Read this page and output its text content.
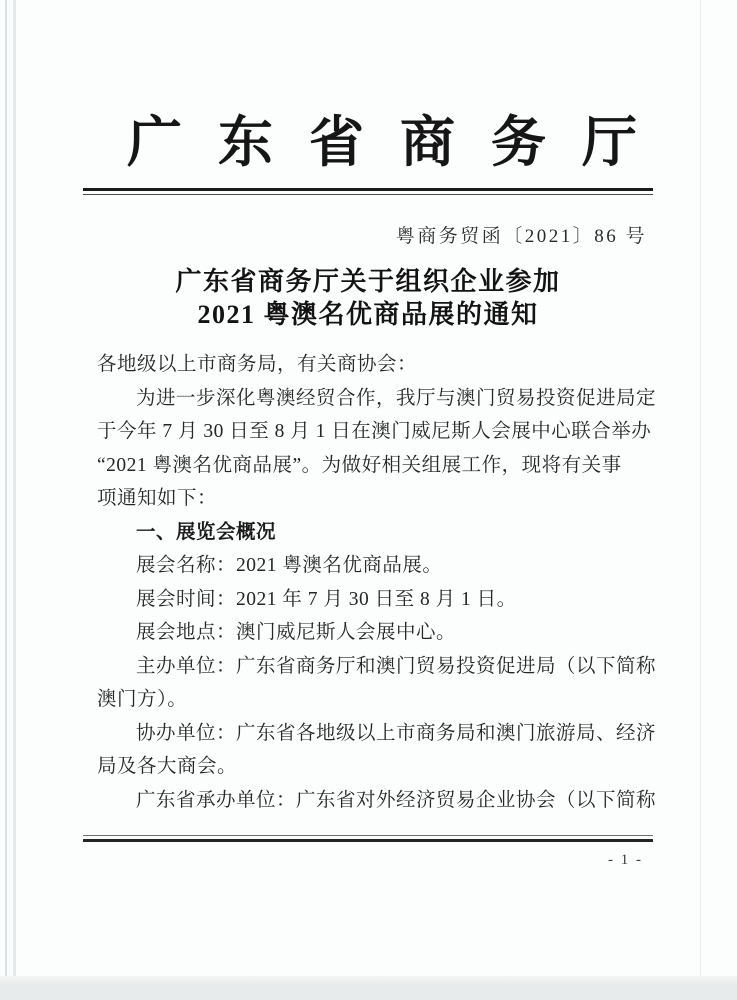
广东省商务厅
粤商务贸函〔2021〕86 号
广东省商务厅关于组织企业参加
2021 粤澳名优商品展的通知
各地级以上市商务局，有关商协会：
为进一步深化粤澳经贸合作，我厅与澳门贸易投资促进局定
于今年 7 月 30 日至 8 月 1 日在澳门威尼斯人会展中心联合举办
“2021 粤澳名优商品展”。为做好相关组展工作，现将有关事
项通知如下：
一、展览会概况
展会名称：2021 粤澳名优商品展。
展会时间：2021 年 7 月 30 日至 8 月 1 日。
展会地点：澳门威尼斯人会展中心。
主办单位：广东省商务厅和澳门贸易投资促进局（以下简称
澳门方）。
协办单位：广东省各地级以上市商务局和澳门旅游局、经济
局及各大商会。
广东省承办单位：广东省对外经济贸易企业协会（以下简称
- 1 -
